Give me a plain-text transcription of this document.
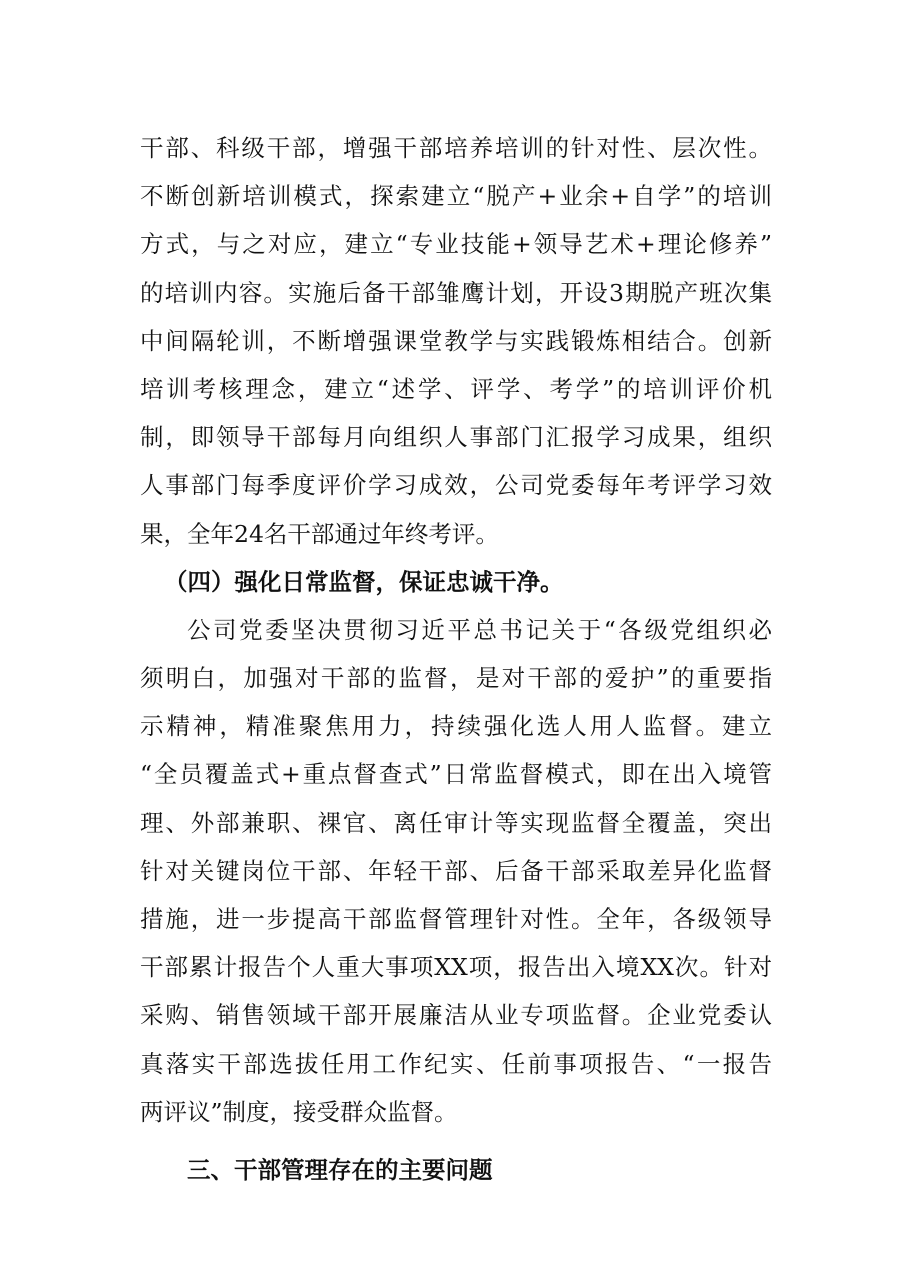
干部、科级干部，增强干部培养培训的针对性、层次性。
不断创新培训模式，探索建立“脱产+业余+自学”的培训
方式，与之对应，建立“专业技能+领导艺术+理论修养”
的培训内容。实施后备干部雏鹰计划，开设3期脱产班次集
中间隔轮训，不断增强课堂教学与实践锻炼相结合。创新
培训考核理念，建立“述学、评学、考学”的培训评价机
制，即领导干部每月向组织人事部门汇报学习成果，组织
人事部门每季度评价学习成效，公司党委每年考评学习效
果，全年24名干部通过年终考评。
（四）强化日常监督，保证忠诚干净。
公司党委坚决贯彻习近平总书记关于“各级党组织必
须明白，加强对干部的监督，是对干部的爱护”的重要指
示精神，精准聚焦用力，持续强化选人用人监督。建立
“全员覆盖式+重点督查式”日常监督模式，即在出入境管
理、外部兼职、裸官、离任审计等实现监督全覆盖，突出
针对关键岗位干部、年轻干部、后备干部采取差异化监督
措施，进一步提高干部监督管理针对性。全年，各级领导
干部累计报告个人重大事项XX项，报告出入境XX次。针对
采购、销售领域干部开展廉洁从业专项监督。企业党委认
真落实干部选拔任用工作纪实、任前事项报告、“一报告
两评议”制度，接受群众监督。
三、干部管理存在的主要问题
